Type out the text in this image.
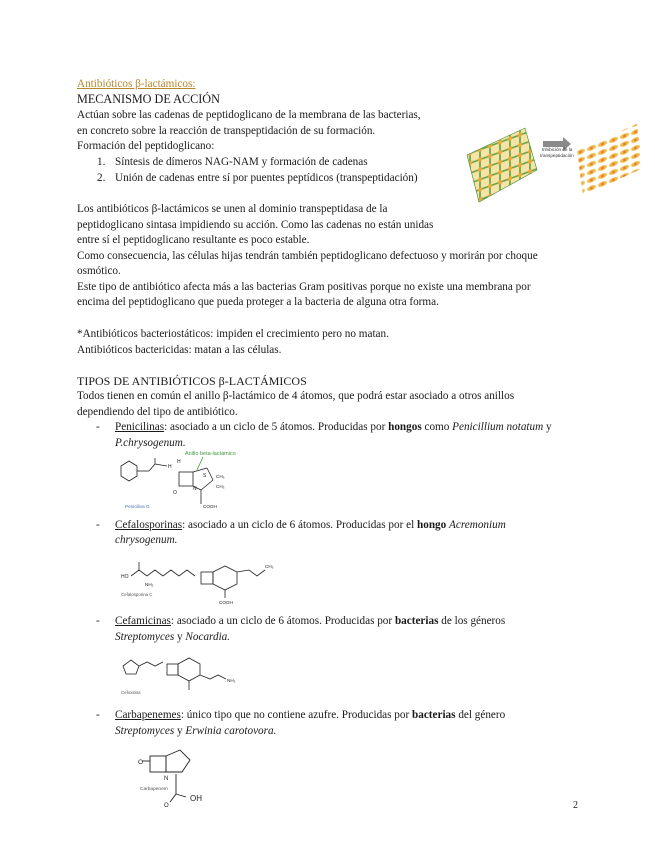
Antibióticos β-lactámicos:
MECANISMO DE ACCIÓN
Actúan sobre las cadenas de peptidoglicano de la membrana de las bacterias,
en concreto sobre la reacción de transpeptidación de su formación.
Formación del peptidoglicano:
1. Síntesis de dímeros NAG-NAM y formación de cadenas
2. Unión de cadenas entre sí por puentes peptídicos (transpeptidación)
Inhibición de la transpeptidación
Los antibióticos β-lactámicos se unen al dominio transpeptidasa de la
peptidoglicano sintasa impidiendo su acción. Como las cadenas no están unidas
entre sí el peptidoglicano resultante es poco estable.
Como consecuencia, las células hijas tendrán también peptidoglicano defectuoso y morirán por choque
osmótico.
Este tipo de antibiótico afecta más a las bacterias Gram positivas porque no existe una membrana por
encima del peptidoglicano que pueda proteger a la bacteria de alguna otra forma.
*Antibióticos bacteriostáticos: impiden el crecimiento pero no matan.
Antibióticos bactericidas: matan a las células.
TIPOS DE ANTIBIÓTICOS β-LACTÁMICOS
Todos tienen en común el anillo β-lactámico de 4 átomos, que podrá estar asociado a otros anillos
dependiendo del tipo de antibiótico.
- Penicilinas: asociado a un ciclo de 5 átomos. Producidas por hongos como Penicillium notatum y
P.chrysogenum.
Anillo beta-lactámico
H
H
S
N
CH₃
CH₃
O
COOH
Penicilina G
- Cefalosporinas: asociado a un ciclo de 6 átomos. Producidas por el hongo Acremonium
chrysogenum.
HO
NH₂
CH₃
COOH
Cefalosporina C
- Cefamicinas: asociado a un ciclo de 6 átomos. Producidas por bacterias de los géneros
Streptomyces y Nocardia.
NH₂
Cefoxitina
- Carbapenemes: único tipo que no contiene azufre. Producidas por bacterias del género
Streptomyces y Erwinia carotovora.
N
O
OH
O
Carbapenem
2
